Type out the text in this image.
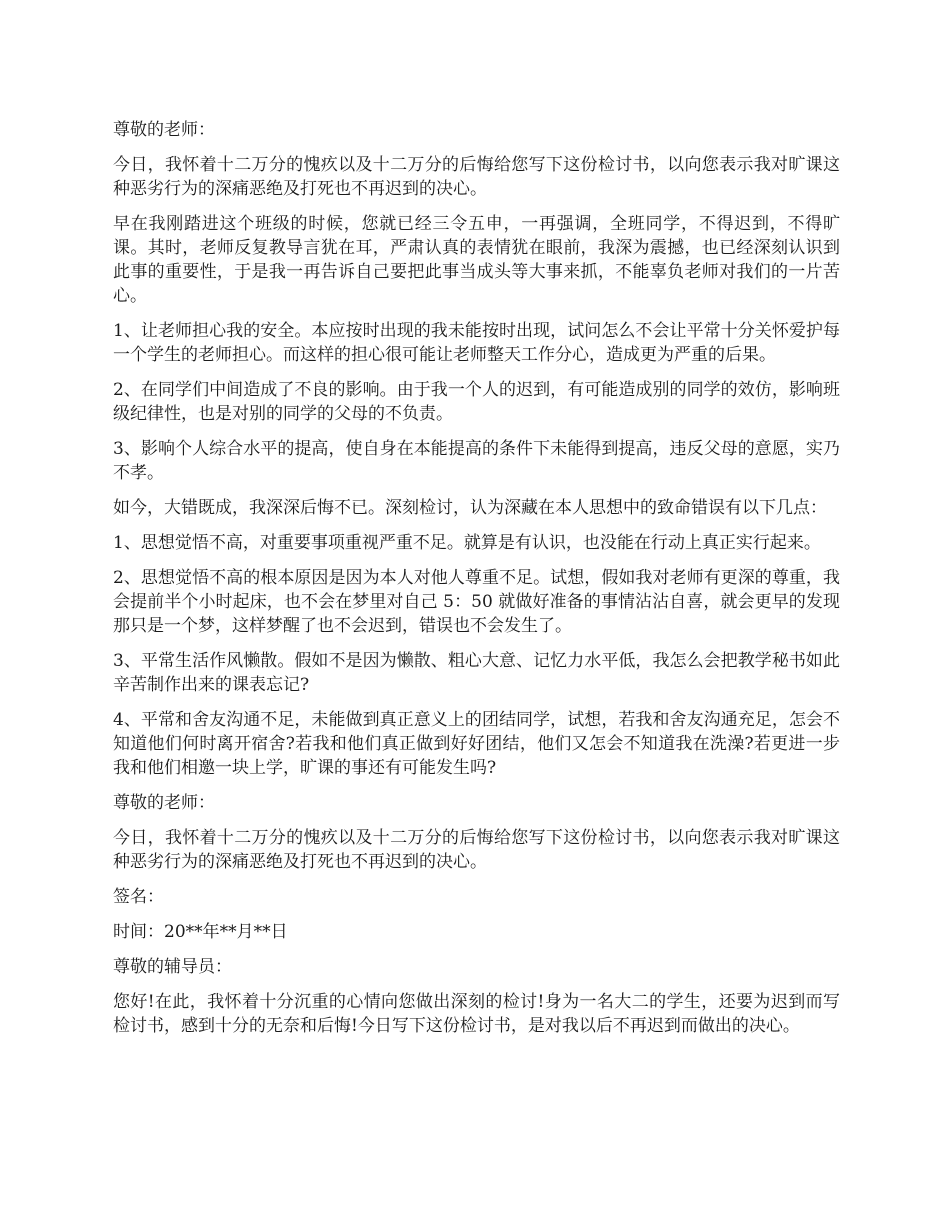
尊敬的老师：

今日，我怀着十二万分的愧疚以及十二万分的后悔给您写下这份检讨书，以向您表示我对旷课这种恶劣行为的深痛恶绝及打死也不再迟到的决心。

早在我刚踏进这个班级的时候，您就已经三令五申，一再强调，全班同学，不得迟到，不得旷课。其时，老师反复教导言犹在耳，严肃认真的表情犹在眼前，我深为震撼，也已经深刻认识到此事的重要性，于是我一再告诉自己要把此事当成头等大事来抓，不能辜负老师对我们的一片苦心。

1、让老师担心我的安全。本应按时出现的我未能按时出现，试问怎么不会让平常十分关怀爱护每一个学生的老师担心。而这样的担心很可能让老师整天工作分心，造成更为严重的后果。

2、在同学们中间造成了不良的影响。由于我一个人的迟到，有可能造成别的同学的效仿，影响班级纪律性，也是对别的同学的父母的不负责。

3、影响个人综合水平的提高，使自身在本能提高的条件下未能得到提高，违反父母的意愿，实乃不孝。

如今，大错既成，我深深后悔不已。深刻检讨，认为深藏在本人思想中的致命错误有以下几点：

1、思想觉悟不高，对重要事项重视严重不足。就算是有认识，也没能在行动上真正实行起来。

2、思想觉悟不高的根本原因是因为本人对他人尊重不足。试想，假如我对老师有更深的尊重，我会提前半个小时起床，也不会在梦里对自己 5：50 就做好准备的事情沾沾自喜，就会更早的发现那只是一个梦，这样梦醒了也不会迟到，错误也不会发生了。

3、平常生活作风懒散。假如不是因为懒散、粗心大意、记忆力水平低，我怎么会把教学秘书如此辛苦制作出来的课表忘记?

4、平常和舍友沟通不足，未能做到真正意义上的团结同学，试想，若我和舍友沟通充足，怎会不知道他们何时离开宿舍?若我和他们真正做到好好团结，他们又怎会不知道我在洗澡?若更进一步我和他们相邀一块上学，旷课的事还有可能发生吗?

尊敬的老师：

今日，我怀着十二万分的愧疚以及十二万分的后悔给您写下这份检讨书，以向您表示我对旷课这种恶劣行为的深痛恶绝及打死也不再迟到的决心。

签名：

时间：20**年**月**日

尊敬的辅导员：

您好!在此，我怀着十分沉重的心情向您做出深刻的检讨!身为一名大二的学生，还要为迟到而写检讨书，感到十分的无奈和后悔!今日写下这份检讨书，是对我以后不再迟到而做出的决心。
